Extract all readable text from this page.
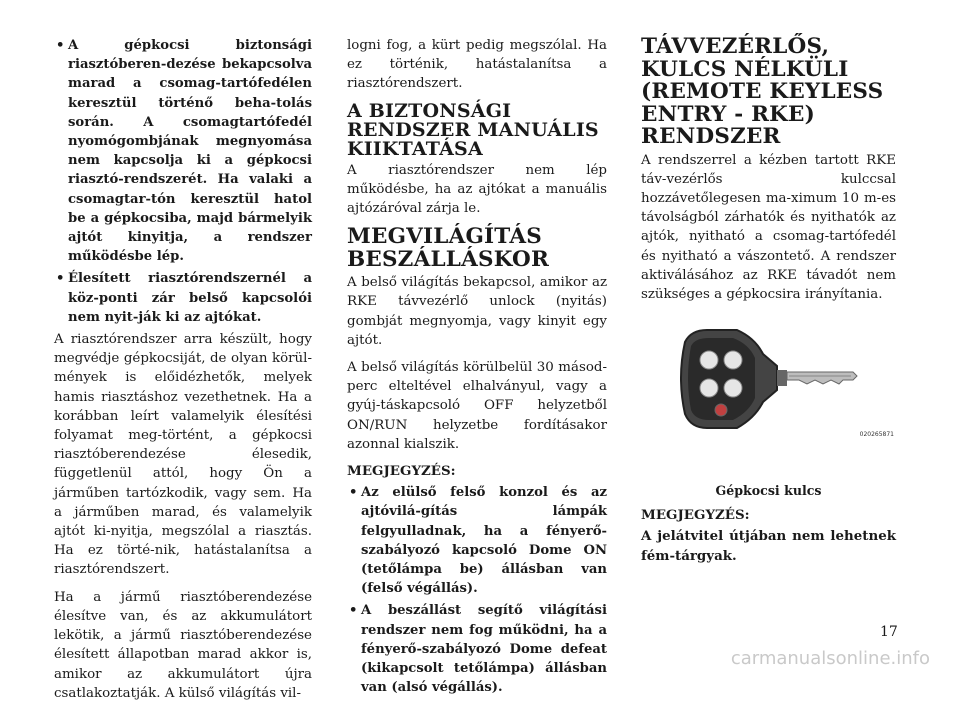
• A gépkocsi biztonsági riasztóberen-dezése bekapcsolva marad a csomag-tartófedélen keresztül történő beha-tolás során. A csomagtartófedél nyomógombjának megnyomása nem kapcsolja ki a gépkocsi riasztó-rendszerét. Ha valaki a csomagtar-tón keresztül hatol be a gépkocsiba, majd bármelyik ajtót kinyitja, a rendszer működésbe lép.
• Élesített riasztórendszernél a köz-ponti zár belső kapcsolói nem nyit-ják ki az ajtókat.

A riasztórendszer arra készült, hogy megvédje gépkocsiját, de olyan körül-mények is előidézhetők, melyek hamis riasztáshoz vezethetnek. Ha a korábban leírt valamelyik élesítési folyamat meg-történt, a gépkocsi riasztóberendezése élesedik, függetlenül attól, hogy Ön a járműben tartózkodik, vagy sem. Ha a járműben marad, és valamelyik ajtót ki-nyitja, megszólal a riasztás. Ha ez törté-nik, hatástalanítsa a riasztórendszert.

Ha a jármű riasztóberendezése élesítve van, és az akkumulátort lekötik, a jármű riasztóberendezése élesített állapotban marad akkor is, amikor az akkumulátort újra csatlakoztatják. A külső világítás vil-

logni fog, a kürt pedig megszólal. Ha ez történik, hatástalanítsa a riasztórendszert.

A BIZTONSÁGI RENDSZER MANUÁLIS KIIKTATÁSA

A riasztórendszer nem lép működésbe, ha az ajtókat a manuális ajtózáróval zárja le.

MEGVILÁGÍTÁS BESZÁLLÁSKOR

A belső világítás bekapcsol, amikor az RKE távvezérlő unlock (nyitás) gombját megnyomja, vagy kinyit egy ajtót.

A belső világítás körülbelül 30 másod-perc elteltével elhalványul, vagy a gyúj-táskapcsoló OFF helyzetből ON/RUN helyzetbe fordításakor azonnal kialszik.

MEGJEGYZÉS:
• Az elülső felső konzol és az ajtóvilá-gítás lámpák felgyulladnak, ha a fényerő-szabályozó kapcsoló Dome ON (tetőlámpa be) állásban van (felső végállás).
• A beszállást segítő világítási rendszer nem fog működni, ha a fényerő-szabályozó Dome defeat (kikapcsolt tetőlámpa) állásban van (alsó végállás).
TÁVVEZÉRLŐS, KULCS NÉLKÜLI (REMOTE KEYLESS ENTRY - RKE) RENDSZER

A rendszerrel a kézben tartott RKE táv-vezérlős kulccsal hozzávetőlegesen ma-ximum 10 m-es távolságból zárhatók és nyithatók az ajtók, nyitható a csomag-tartófedél és nyitható a vászontető. A rendszer aktiválásához az RKE távadót nem szükséges a gépkocsira irányítania.

020265871
Gépkocsi kulcs
MEGJEGYZÉS:

A jelátvitel útjában nem lehetnek fém-tárgyak.

17
carmanualsonline.info
